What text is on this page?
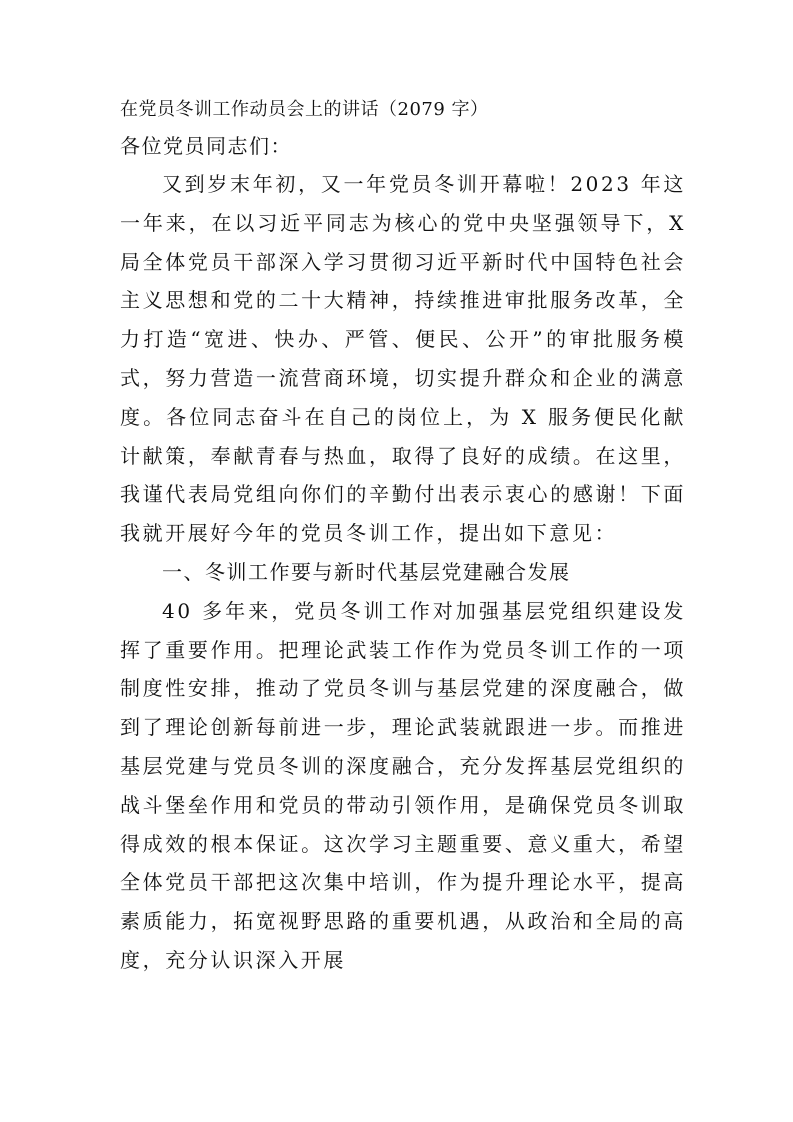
在党员冬训工作动员会上的讲话（2079 字）

各位党员同志们：

又到岁末年初，又一年党员冬训开幕啦！2023 年这一年来，在以习近平同志为核心的党中央坚强领导下，X 局全体党员干部深入学习贯彻习近平新时代中国特色社会主义思想和党的二十大精神，持续推进审批服务改革，全力打造“宽进、快办、严管、便民、公开”的审批服务模式，努力营造一流营商环境，切实提升群众和企业的满意度。各位同志奋斗在自己的岗位上，为 X 服务便民化献计献策，奉献青春与热血，取得了良好的成绩。在这里，我谨代表局党组向你们的辛勤付出表示衷心的感谢！下面我就开展好今年的党员冬训工作，提出如下意见：

一、冬训工作要与新时代基层党建融合发展

40 多年来，党员冬训工作对加强基层党组织建设发挥了重要作用。把理论武装工作作为党员冬训工作的一项制度性安排，推动了党员冬训与基层党建的深度融合，做到了理论创新每前进一步，理论武装就跟进一步。而推进基层党建与党员冬训的深度融合，充分发挥基层党组织的战斗堡垒作用和党员的带动引领作用，是确保党员冬训取得成效的根本保证。这次学习主题重要、意义重大，希望全体党员干部把这次集中培训，作为提升理论水平，提高素质能力，拓宽视野思路的重要机遇，从政治和全局的高度，充分认识深入开展
